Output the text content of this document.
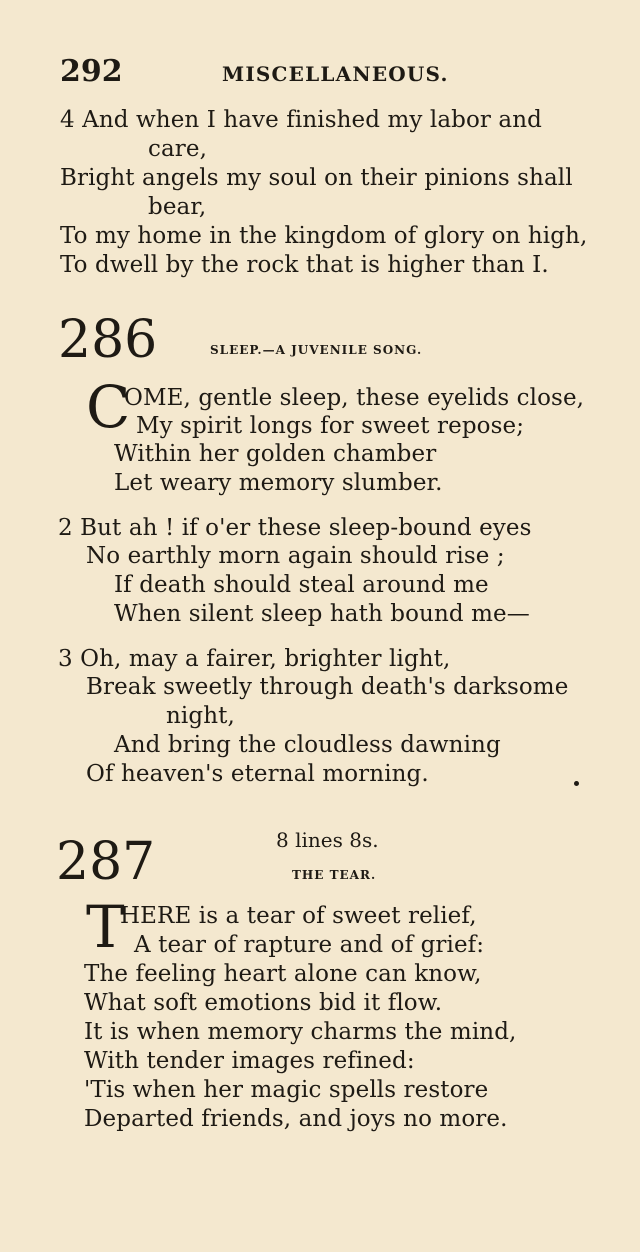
292	MISCELLANEOUS.
4 And when I have finished my labor and
care,
Bright angels my soul on their pinions shall
bear,
To my home in the kingdom of glory on high,
To dwell by the rock that is higher than I.
286	SLEEP.—A JUVENILE SONG.
C
OME, gentle sleep, these eyelids close,
My spirit longs for sweet repose;
Within her golden chamber
Let weary memory slumber.
2 But ah ! if o'er these sleep-bound eyes
No earthly morn again should rise ;
If death should steal around me
When silent sleep hath bound me—
3 Oh, may a fairer, brighter light,
Break sweetly through death's darksome
night,
And bring the cloudless dawning
Of heaven's eternal morning.
287	8 lines 8s.
THE TEAR.
T
HERE is a tear of sweet relief,
A tear of rapture and of grief:
The feeling heart alone can know,
What soft emotions bid it flow.
It is when memory charms the mind,
With tender images refined:
'Tis when her magic spells restore
Departed friends, and joys no more.
